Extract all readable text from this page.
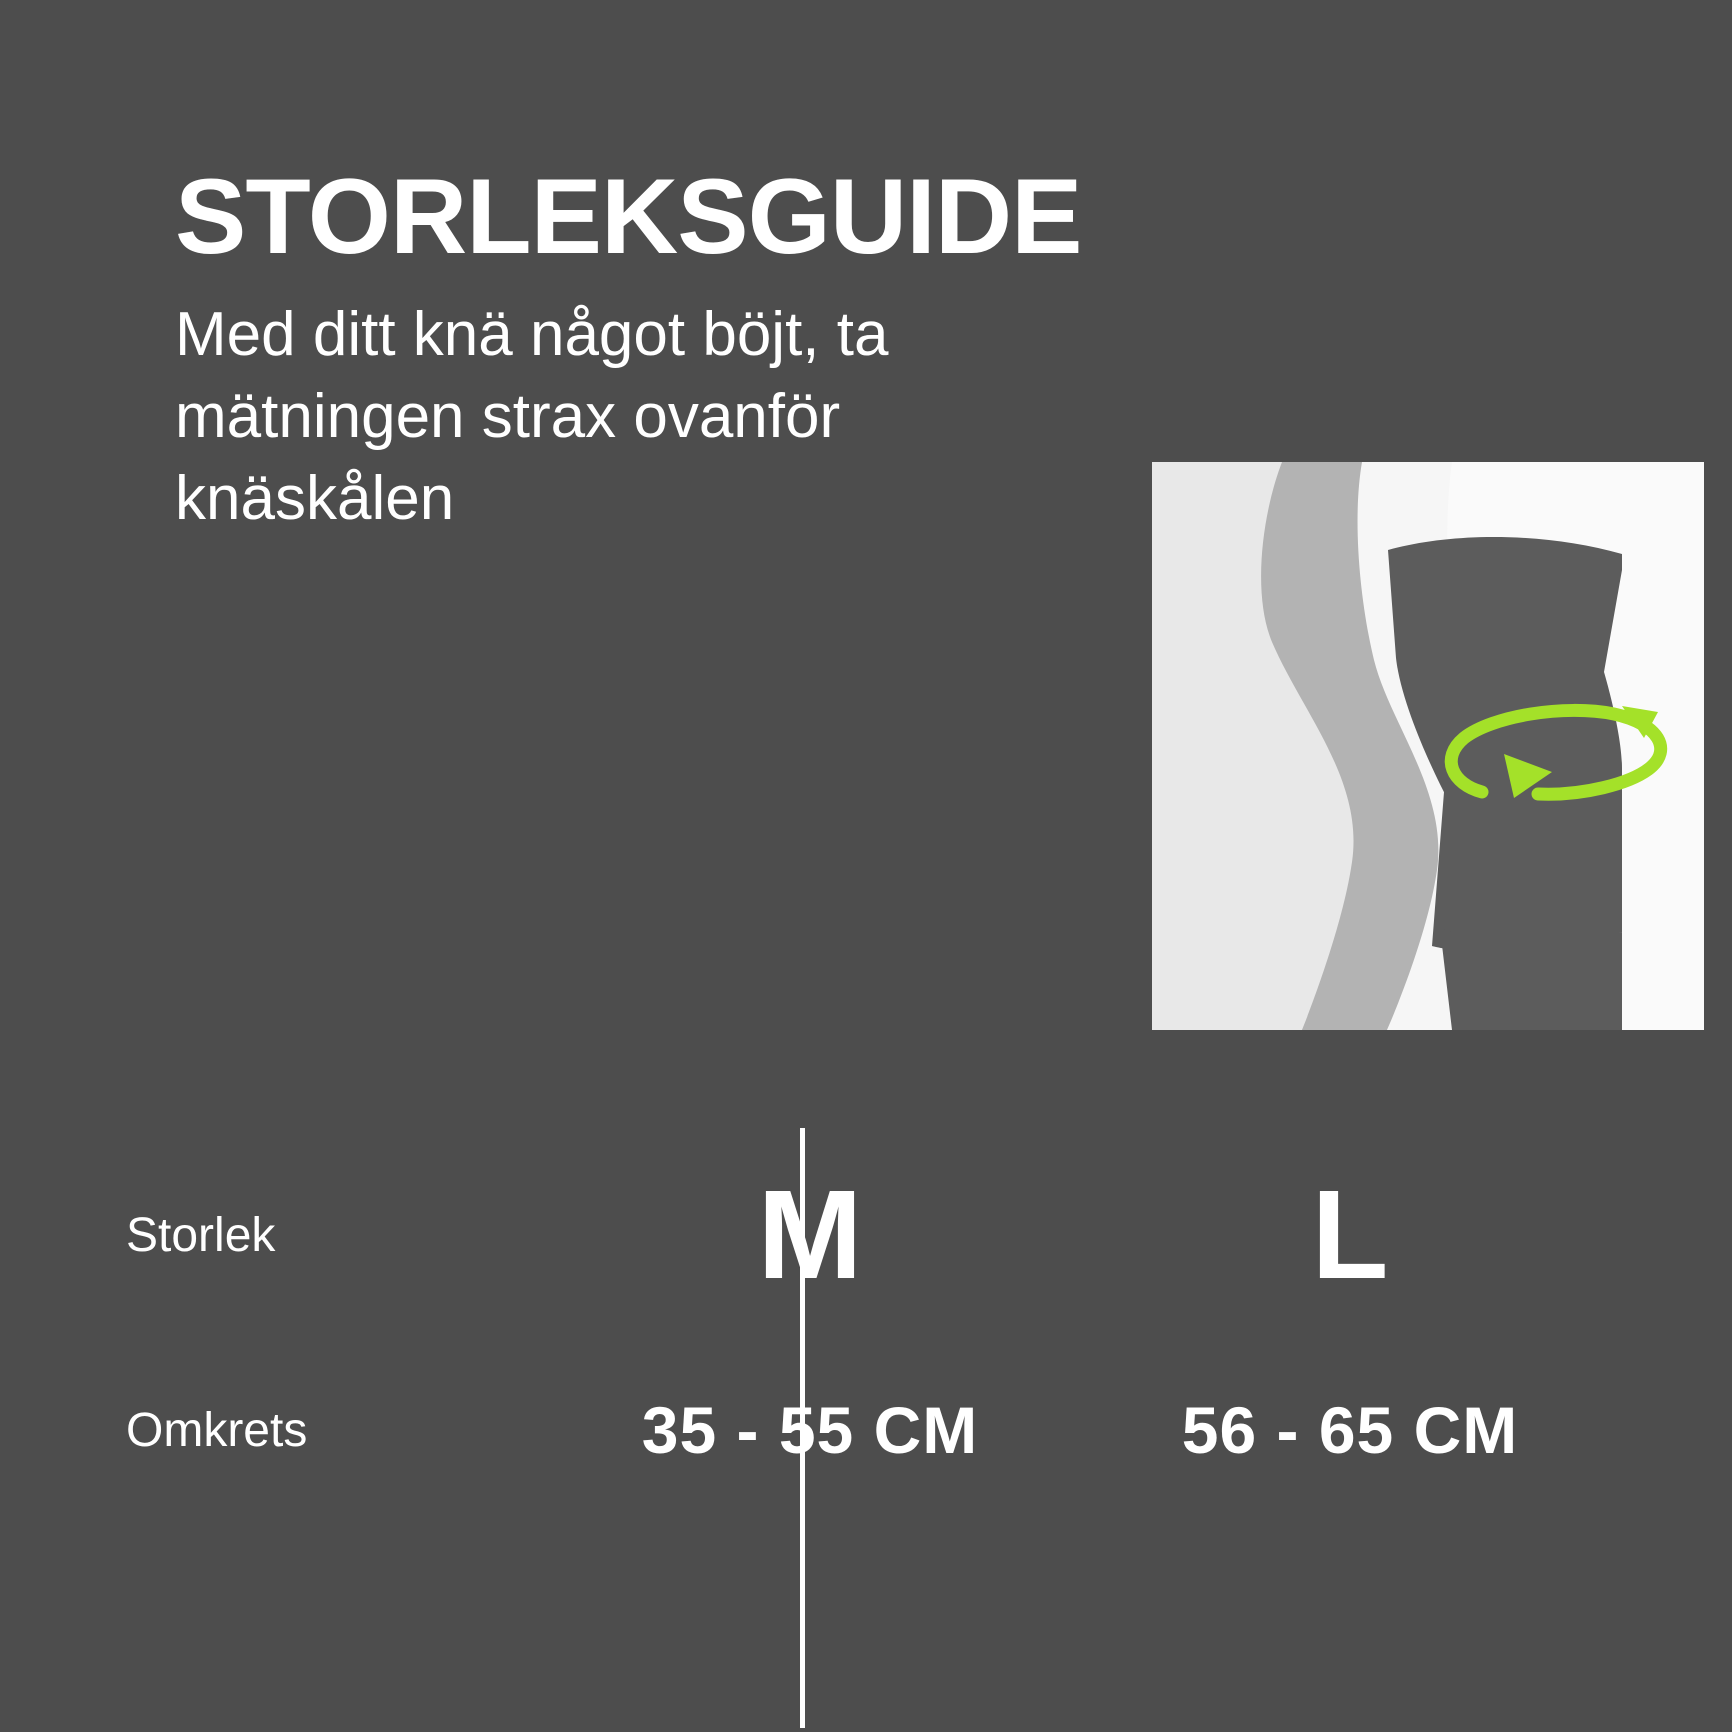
STORLEKSGUIDE

Med ditt knä något böjt, ta mätningen strax ovanför knäskålen

Storlek	M	L
Omkrets	35 - 55 CM	56 - 65 CM
